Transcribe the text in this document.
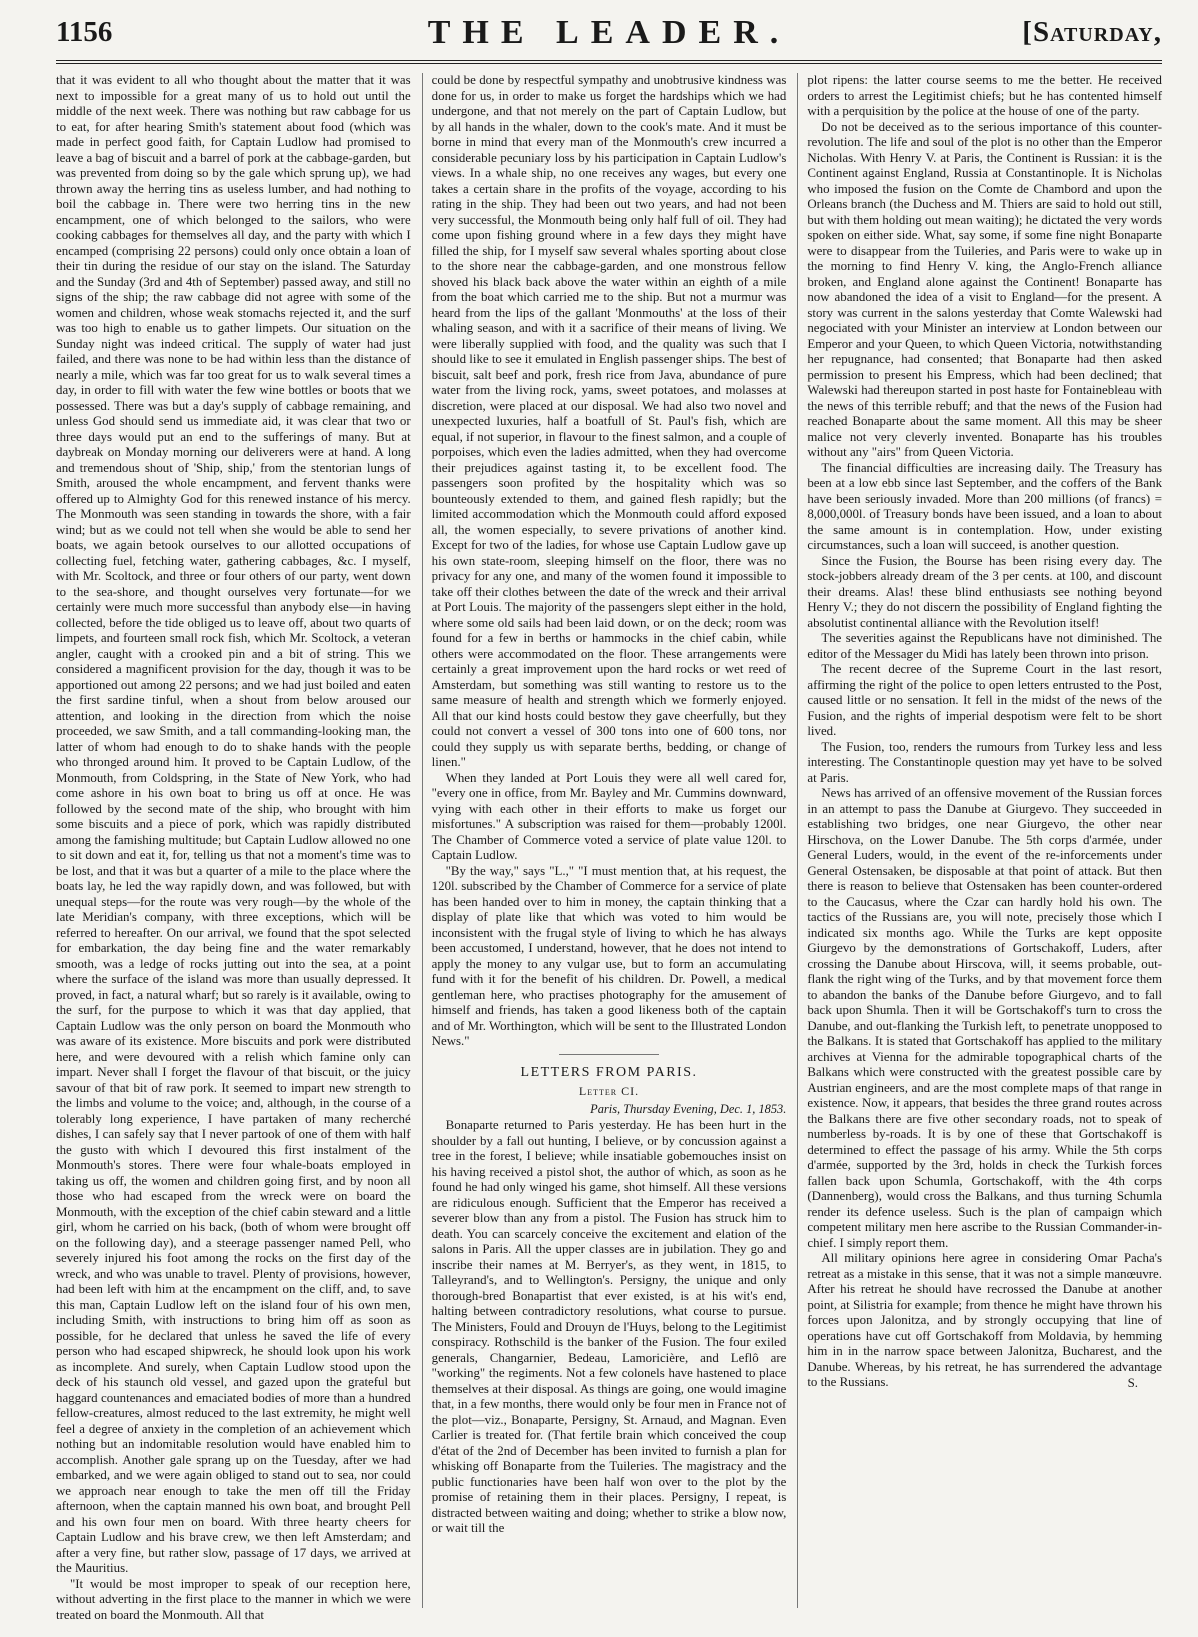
1156	THE LEADER.	[Saturday,

that it was evident to all who thought about the matter that it was next to impossible for a great many of us to hold out until the middle of the next week. There was nothing but raw cabbage for us to eat, for after hearing Smith's statement about food (which was made in perfect good faith, for Captain Ludlow had promised to leave a bag of biscuit and a barrel of pork at the cabbage-garden, but was prevented from doing so by the gale which sprung up), we had thrown away the herring tins as useless lumber, and had nothing to boil the cabbage in. There were two herring tins in the new encampment, one of which belonged to the sailors, who were cooking cabbages for themselves all day, and the party with which I encamped (comprising 22 persons) could only once obtain a loan of their tin during the residue of our stay on the island. The Saturday and the Sunday (3rd and 4th of September) passed away, and still no signs of the ship; the raw cabbage did not agree with some of the women and children, whose weak stomachs rejected it, and the surf was too high to enable us to gather limpets. Our situation on the Sunday night was indeed critical. The supply of water had just failed, and there was none to be had within less than the distance of nearly a mile, which was far too great for us to walk several times a day, in order to fill with water the few wine bottles or boots that we possessed. There was but a day's supply of cabbage remaining, and unless God should send us immediate aid, it was clear that two or three days would put an end to the sufferings of many. But at daybreak on Monday morning our deliverers were at hand. A long and tremendous shout of 'Ship, ship,' from the stentorian lungs of Smith, aroused the whole encampment, and fervent thanks were offered up to Almighty God for this renewed instance of his mercy. The Monmouth was seen standing in towards the shore, with a fair wind; but as we could not tell when she would be able to send her boats, we again betook ourselves to our allotted occupations of collecting fuel, fetching water, gathering cabbages, &c. I myself, with Mr. Scoltock, and three or four others of our party, went down to the sea-shore, and thought ourselves very fortunate—for we certainly were much more successful than anybody else—in having collected, before the tide obliged us to leave off, about two quarts of limpets, and fourteen small rock fish, which Mr. Scoltock, a veteran angler, caught with a crooked pin and a bit of string. This we considered a magnificent provision for the day, though it was to be apportioned out among 22 persons; and we had just boiled and eaten the first sardine tinful, when a shout from below aroused our attention, and looking in the direction from which the noise proceeded, we saw Smith, and a tall commanding-looking man, the latter of whom had enough to do to shake hands with the people who thronged around him. It proved to be Captain Ludlow, of the Monmouth, from Coldspring, in the State of New York, who had come ashore in his own boat to bring us off at once. He was followed by the second mate of the ship, who brought with him some biscuits and a piece of pork, which was rapidly distributed among the famishing multitude; but Captain Ludlow allowed no one to sit down and eat it, for, telling us that not a moment's time was to be lost, and that it was but a quarter of a mile to the place where the boats lay, he led the way rapidly down, and was followed, but with unequal steps—for the route was very rough—by the whole of the late Meridian's company, with three exceptions, which will be referred to hereafter. On our arrival, we found that the spot selected for embarkation, the day being fine and the water remarkably smooth, was a ledge of rocks jutting out into the sea, at a point where the surface of the island was more than usually depressed. It proved, in fact, a natural wharf; but so rarely is it available, owing to the surf, for the purpose to which it was that day applied, that Captain Ludlow was the only person on board the Monmouth who was aware of its existence. More biscuits and pork were distributed here, and were devoured with a relish which famine only can impart. Never shall I forget the flavour of that biscuit, or the juicy savour of that bit of raw pork. It seemed to impart new strength to the limbs and volume to the voice; and, although, in the course of a tolerably long experience, I have partaken of many recherché dishes, I can safely say that I never partook of one of them with half the gusto with which I devoured this first instalment of the Monmouth's stores. There were four whale-boats employed in taking us off, the women and children going first, and by noon all those who had escaped from the wreck were on board the Monmouth, with the exception of the chief cabin steward and a little girl, whom he carried on his back, (both of whom were brought off on the following day), and a steerage passenger named Pell, who severely injured his foot among the rocks on the first day of the wreck, and who was unable to travel. Plenty of provisions, however, had been left with him at the encampment on the cliff, and, to save this man, Captain Ludlow left on the island four of his own men, including Smith, with instructions to bring him off as soon as possible, for he declared that unless he saved the life of every person who had escaped shipwreck, he should look upon his work as incomplete. And surely, when Captain Ludlow stood upon the deck of his staunch old vessel, and gazed upon the grateful but haggard countenances and emaciated bodies of more than a hundred fellow-creatures, almost reduced to the last extremity, he might well feel a degree of anxiety in the completion of an achievement which nothing but an indomitable resolution would have enabled him to accomplish. Another gale sprang up on the Tuesday, after we had embarked, and we were again obliged to stand out to sea, nor could we approach near enough to take the men off till the Friday afternoon, when the captain manned his own boat, and brought Pell and his own four men on board. With three hearty cheers for Captain Ludlow and his brave crew, we then left Amsterdam; and after a very fine, but rather slow, passage of 17 days, we arrived at the Mauritius.

"It would be most improper to speak of our reception here, without adverting in the first place to the manner in which we were treated on board the Monmouth. All that

could be done by respectful sympathy and unobtrusive kindness was done for us, in order to make us forget the hardships which we had undergone, and that not merely on the part of Captain Ludlow, but by all hands in the whaler, down to the cook's mate. And it must be borne in mind that every man of the Monmouth's crew incurred a considerable pecuniary loss by his participation in Captain Ludlow's views. In a whale ship, no one receives any wages, but every one takes a certain share in the profits of the voyage, according to his rating in the ship. They had been out two years, and had not been very successful, the Monmouth being only half full of oil. They had come upon fishing ground where in a few days they might have filled the ship, for I myself saw several whales sporting about close to the shore near the cabbage-garden, and one monstrous fellow shoved his black back above the water within an eighth of a mile from the boat which carried me to the ship. But not a murmur was heard from the lips of the gallant 'Monmouths' at the loss of their whaling season, and with it a sacrifice of their means of living. We were liberally supplied with food, and the quality was such that I should like to see it emulated in English passenger ships. The best of biscuit, salt beef and pork, fresh rice from Java, abundance of pure water from the living rock, yams, sweet potatoes, and molasses at discretion, were placed at our disposal. We had also two novel and unexpected luxuries, half a boatfull of St. Paul's fish, which are equal, if not superior, in flavour to the finest salmon, and a couple of porpoises, which even the ladies admitted, when they had overcome their prejudices against tasting it, to be excellent food. The passengers soon profited by the hospitality which was so bounteously extended to them, and gained flesh rapidly; but the limited accommodation which the Monmouth could afford exposed all, the women especially, to severe privations of another kind. Except for two of the ladies, for whose use Captain Ludlow gave up his own state-room, sleeping himself on the floor, there was no privacy for any one, and many of the women found it impossible to take off their clothes between the date of the wreck and their arrival at Port Louis. The majority of the passengers slept either in the hold, where some old sails had been laid down, or on the deck; room was found for a few in berths or hammocks in the chief cabin, while others were accommodated on the floor. These arrangements were certainly a great improvement upon the hard rocks or wet reed of Amsterdam, but something was still wanting to restore us to the same measure of health and strength which we formerly enjoyed. All that our kind hosts could bestow they gave cheerfully, but they could not convert a vessel of 300 tons into one of 600 tons, nor could they supply us with separate berths, bedding, or change of linen."

When they landed at Port Louis they were all well cared for, "every one in office, from Mr. Bayley and Mr. Cummins downward, vying with each other in their efforts to make us forget our misfortunes." A subscription was raised for them—probably 1200l. The Chamber of Commerce voted a service of plate value 120l. to Captain Ludlow.

"By the way," says "L.," "I must mention that, at his request, the 120l. subscribed by the Chamber of Commerce for a service of plate has been handed over to him in money, the captain thinking that a display of plate like that which was voted to him would be inconsistent with the frugal style of living to which he has always been accustomed, I understand, however, that he does not intend to apply the money to any vulgar use, but to form an accumulating fund with it for the benefit of his children. Dr. Powell, a medical gentleman here, who practises photography for the amusement of himself and friends, has taken a good likeness both of the captain and of Mr. Worthington, which will be sent to the Illustrated London News."

LETTERS FROM PARIS.
Letter CI.
Paris, Thursday Evening, Dec. 1, 1853.

Bonaparte returned to Paris yesterday. He has been hurt in the shoulder by a fall out hunting, I believe, or by concussion against a tree in the forest, I believe; while insatiable gobemouches insist on his having received a pistol shot, the author of which, as soon as he found he had only winged his game, shot himself. All these versions are ridiculous enough. Sufficient that the Emperor has received a severer blow than any from a pistol. The Fusion has struck him to death. You can scarcely conceive the excitement and elation of the salons in Paris. All the upper classes are in jubilation. They go and inscribe their names at M. Berryer's, as they went, in 1815, to Talleyrand's, and to Wellington's. Persigny, the unique and only thorough-bred Bonapartist that ever existed, is at his wit's end, halting between contradictory resolutions, what course to pursue. The Ministers, Fould and Drouyn de l'Huys, belong to the Legitimist conspiracy. Rothschild is the banker of the Fusion. The four exiled generals, Changarnier, Bedeau, Lamoricière, and Leflô are "working" the regiments. Not a few colonels have hastened to place themselves at their disposal. As things are going, one would imagine that, in a few months, there would only be four men in France not of the plot—viz., Bonaparte, Persigny, St. Arnaud, and Magnan. Even Carlier is treated for. (That fertile brain which conceived the coup d'état of the 2nd of December has been invited to furnish a plan for whisking off Bonaparte from the Tuileries. The magistracy and the public functionaries have been half won over to the plot by the promise of retaining them in their places. Persigny, I repeat, is distracted between waiting and doing; whether to strike a blow now, or wait till the

plot ripens: the latter course seems to me the better. He received orders to arrest the Legitimist chiefs; but he has contented himself with a perquisition by the police at the house of one of the party.

Do not be deceived as to the serious importance of this counter-revolution. The life and soul of the plot is no other than the Emperor Nicholas. With Henry V. at Paris, the Continent is Russian: it is the Continent against England, Russia at Constantinople. It is Nicholas who imposed the fusion on the Comte de Chambord and upon the Orleans branch (the Duchess and M. Thiers are said to hold out still, but with them holding out mean waiting); he dictated the very words spoken on either side. What, say some, if some fine night Bonaparte were to disappear from the Tuileries, and Paris were to wake up in the morning to find Henry V. king, the Anglo-French alliance broken, and England alone against the Continent! Bonaparte has now abandoned the idea of a visit to England—for the present. A story was current in the salons yesterday that Comte Walewski had negociated with your Minister an interview at London between our Emperor and your Queen, to which Queen Victoria, notwithstanding her repugnance, had consented; that Bonaparte had then asked permission to present his Empress, which had been declined; that Walewski had thereupon started in post haste for Fontainebleau with the news of this terrible rebuff; and that the news of the Fusion had reached Bonaparte about the same moment. All this may be sheer malice not very cleverly invented. Bonaparte has his troubles without any "airs" from Queen Victoria.

The financial difficulties are increasing daily. The Treasury has been at a low ebb since last September, and the coffers of the Bank have been seriously invaded. More than 200 millions (of francs) = 8,000,000l. of Treasury bonds have been issued, and a loan to about the same amount is in contemplation. How, under existing circumstances, such a loan will succeed, is another question.

Since the Fusion, the Bourse has been rising every day. The stock-jobbers already dream of the 3 per cents. at 100, and discount their dreams. Alas! these blind enthusiasts see nothing beyond Henry V.; they do not discern the possibility of England fighting the absolutist continental alliance with the Revolution itself!

The severities against the Republicans have not diminished. The editor of the Messager du Midi has lately been thrown into prison.

The recent decree of the Supreme Court in the last resort, affirming the right of the police to open letters entrusted to the Post, caused little or no sensation. It fell in the midst of the news of the Fusion, and the rights of imperial despotism were felt to be short lived.

The Fusion, too, renders the rumours from Turkey less and less interesting. The Constantinople question may yet have to be solved at Paris.

News has arrived of an offensive movement of the Russian forces in an attempt to pass the Danube at Giurgevo. They succeeded in establishing two bridges, one near Giurgevo, the other near Hirschova, on the Lower Danube. The 5th corps d'armée, under General Luders, would, in the event of the re-inforcements under General Ostensaken, be disposable at that point of attack. But then there is reason to believe that Ostensaken has been counter-ordered to the Caucasus, where the Czar can hardly hold his own. The tactics of the Russians are, you will note, precisely those which I indicated six months ago. While the Turks are kept opposite Giurgevo by the demonstrations of Gortschakoff, Luders, after crossing the Danube about Hirscova, will, it seems probable, out-flank the right wing of the Turks, and by that movement force them to abandon the banks of the Danube before Giurgevo, and to fall back upon Shumla. Then it will be Gortschakoff's turn to cross the Danube, and out-flanking the Turkish left, to penetrate unopposed to the Balkans. It is stated that Gortschakoff has applied to the military archives at Vienna for the admirable topographical charts of the Balkans which were constructed with the greatest possible care by Austrian engineers, and are the most complete maps of that range in existence. Now, it appears, that besides the three grand routes across the Balkans there are five other secondary roads, not to speak of numberless by-roads. It is by one of these that Gortschakoff is determined to effect the passage of his army. While the 5th corps d'armée, supported by the 3rd, holds in check the Turkish forces fallen back upon Schumla, Gortschakoff, with the 4th corps (Dannenberg), would cross the Balkans, and thus turning Schumla render its defence useless. Such is the plan of campaign which competent military men here ascribe to the Russian Commander-in-chief. I simply report them.

All military opinions here agree in considering Omar Pacha's retreat as a mistake in this sense, that it was not a simple manœuvre. After his retreat he should have recrossed the Danube at another point, at Silistria for example; from thence he might have thrown his forces upon Jalonitza, and by strongly occupying that line of operations have cut off Gortschakoff from Moldavia, by hemming him in in the narrow space between Jalonitza, Bucharest, and the Danube. Whereas, by his retreat, he has surrendered the advantage to the Russians.	S.
